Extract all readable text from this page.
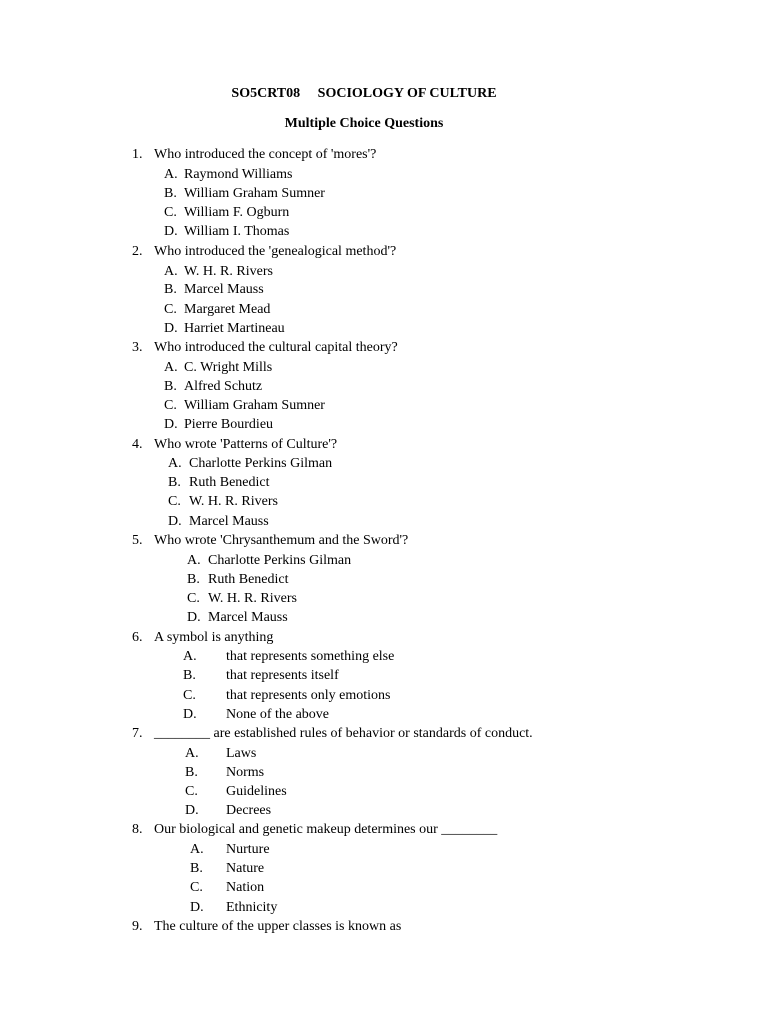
SO5CRT08 SOCIOLOGY OF CULTURE
Multiple Choice Questions
1. Who introduced the concept of 'mores'?
A. Raymond Williams
B. William Graham Sumner
C. William F. Ogburn
D. William I. Thomas
2. Who introduced the 'genealogical method'?
A. W. H. R. Rivers
B. Marcel Mauss
C. Margaret Mead
D. Harriet Martineau
3. Who introduced the cultural capital theory?
A. C. Wright Mills
B. Alfred Schutz
C. William Graham Sumner
D. Pierre Bourdieu
4. Who wrote 'Patterns of Culture'?
A. Charlotte Perkins Gilman
B. Ruth Benedict
C. W. H. R. Rivers
D. Marcel Mauss
5. Who wrote 'Chrysanthemum and the Sword'?
A. Charlotte Perkins Gilman
B. Ruth Benedict
C. W. H. R. Rivers
D. Marcel Mauss
6. A symbol is anything
A. that represents something else
B. that represents itself
C. that represents only emotions
D. None of the above
7. ________ are established rules of behavior or standards of conduct.
A. Laws
B. Norms
C. Guidelines
D. Decrees
8. Our biological and genetic makeup determines our ________
A. Nurture
B. Nature
C. Nation
D. Ethnicity
9. The culture of the upper classes is known as
